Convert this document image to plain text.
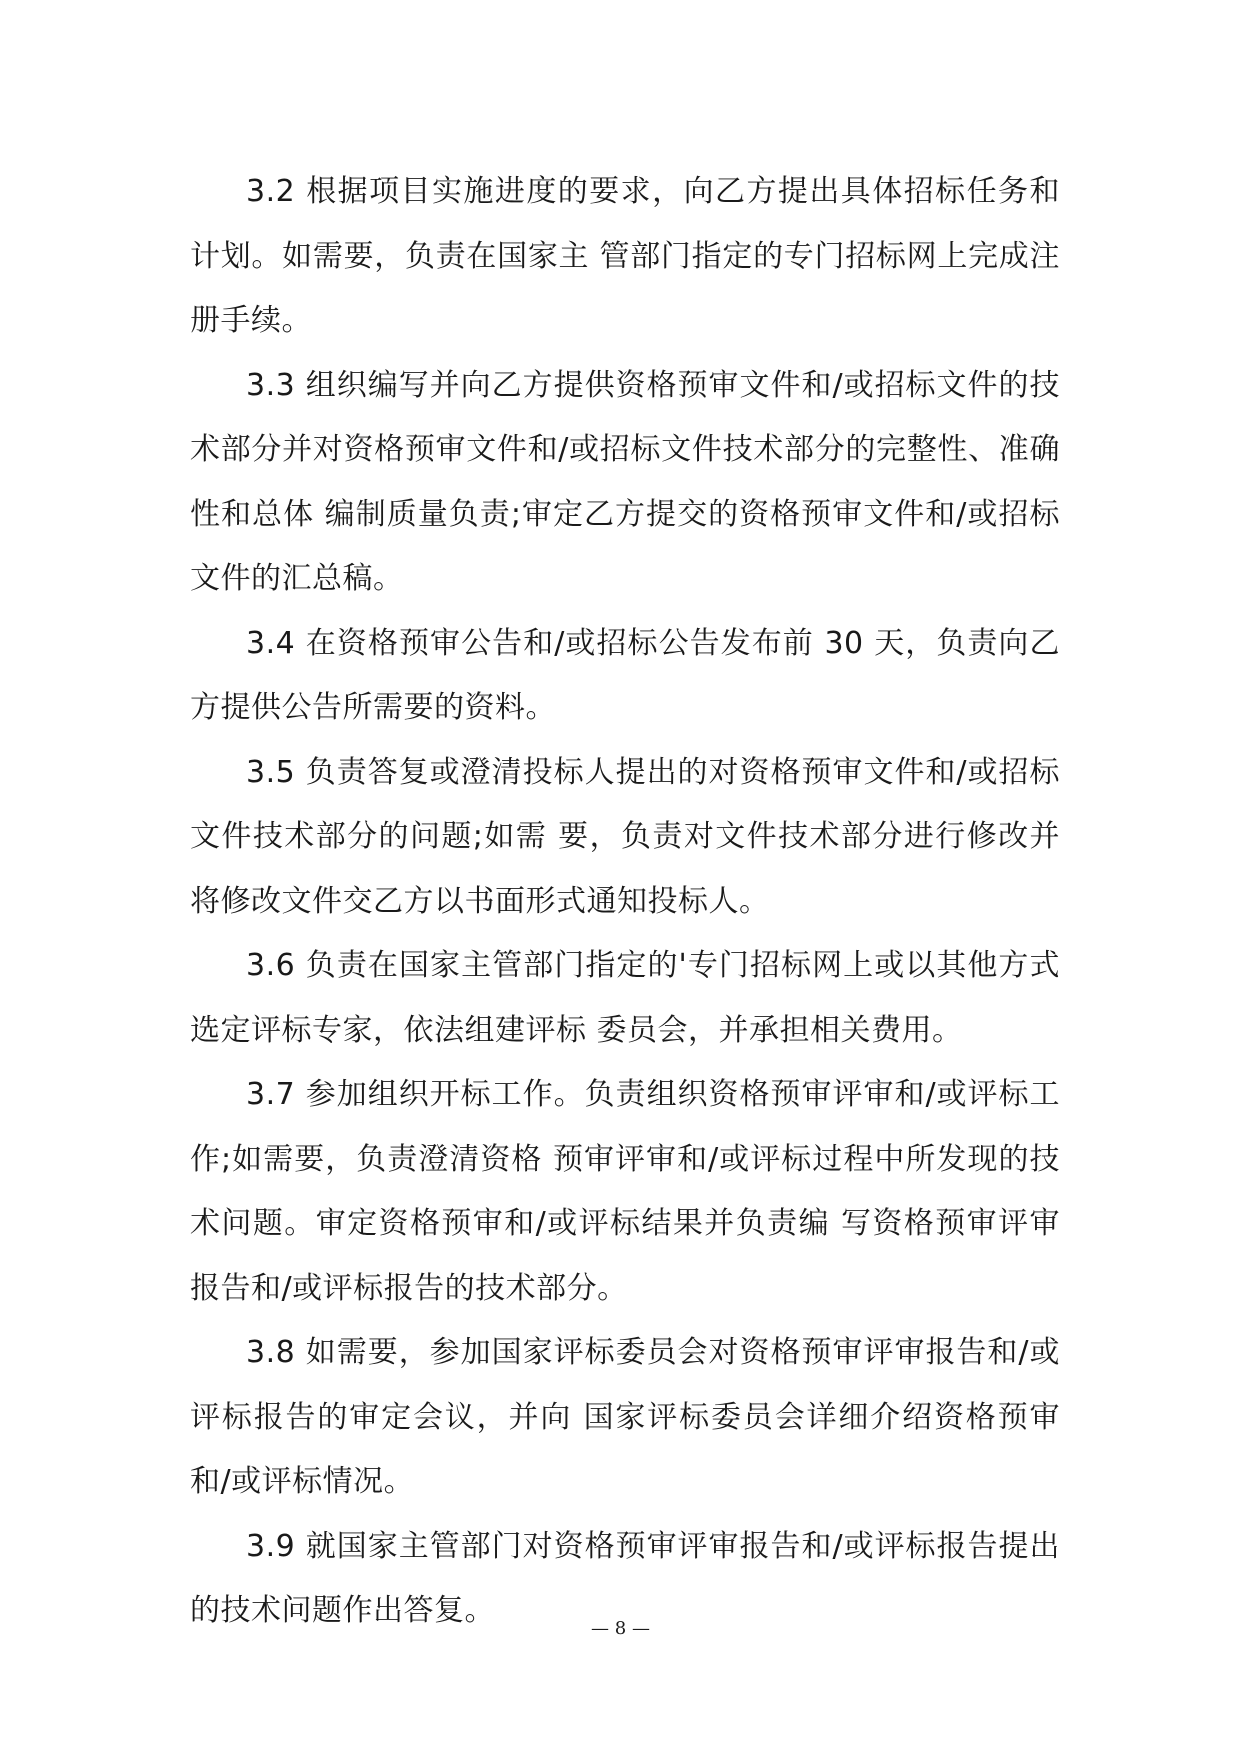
3.2 根据项目实施进度的要求，向乙方提出具体招标任务和计划。如需要，负责在国家主 管部门指定的专门招标网上完成注册手续。

3.3 组织编写并向乙方提供资格预审文件和/或招标文件的技术部分并对资格预审文件和/或招标文件技术部分的完整性、准确性和总体 编制质量负责;审定乙方提交的资格预审文件和/或招标文件的汇总稿。

3.4 在资格预审公告和/或招标公告发布前 30 天，负责向乙方提供公告所需要的资料。

3.5 负责答复或澄清投标人提出的对资格预审文件和/或招标文件技术部分的问题;如需 要，负责对文件技术部分进行修改并将修改文件交乙方以书面形式通知投标人。

3.6 负责在国家主管部门指定的'专门招标网上或以其他方式选定评标专家，依法组建评标 委员会，并承担相关费用。

3.7 参加组织开标工作。负责组织资格预审评审和/或评标工作;如需要，负责澄清资格 预审评审和/或评标过程中所发现的技术问题。审定资格预审和/或评标结果并负责编 写资格预审评审报告和/或评标报告的技术部分。

3.8 如需要，参加国家评标委员会对资格预审评审报告和/或评标报告的审定会议，并向 国家评标委员会详细介绍资格预审和/或评标情况。

3.9 就国家主管部门对资格预审评审报告和/或评标报告提出的技术问题作出答复。

— 8 —
